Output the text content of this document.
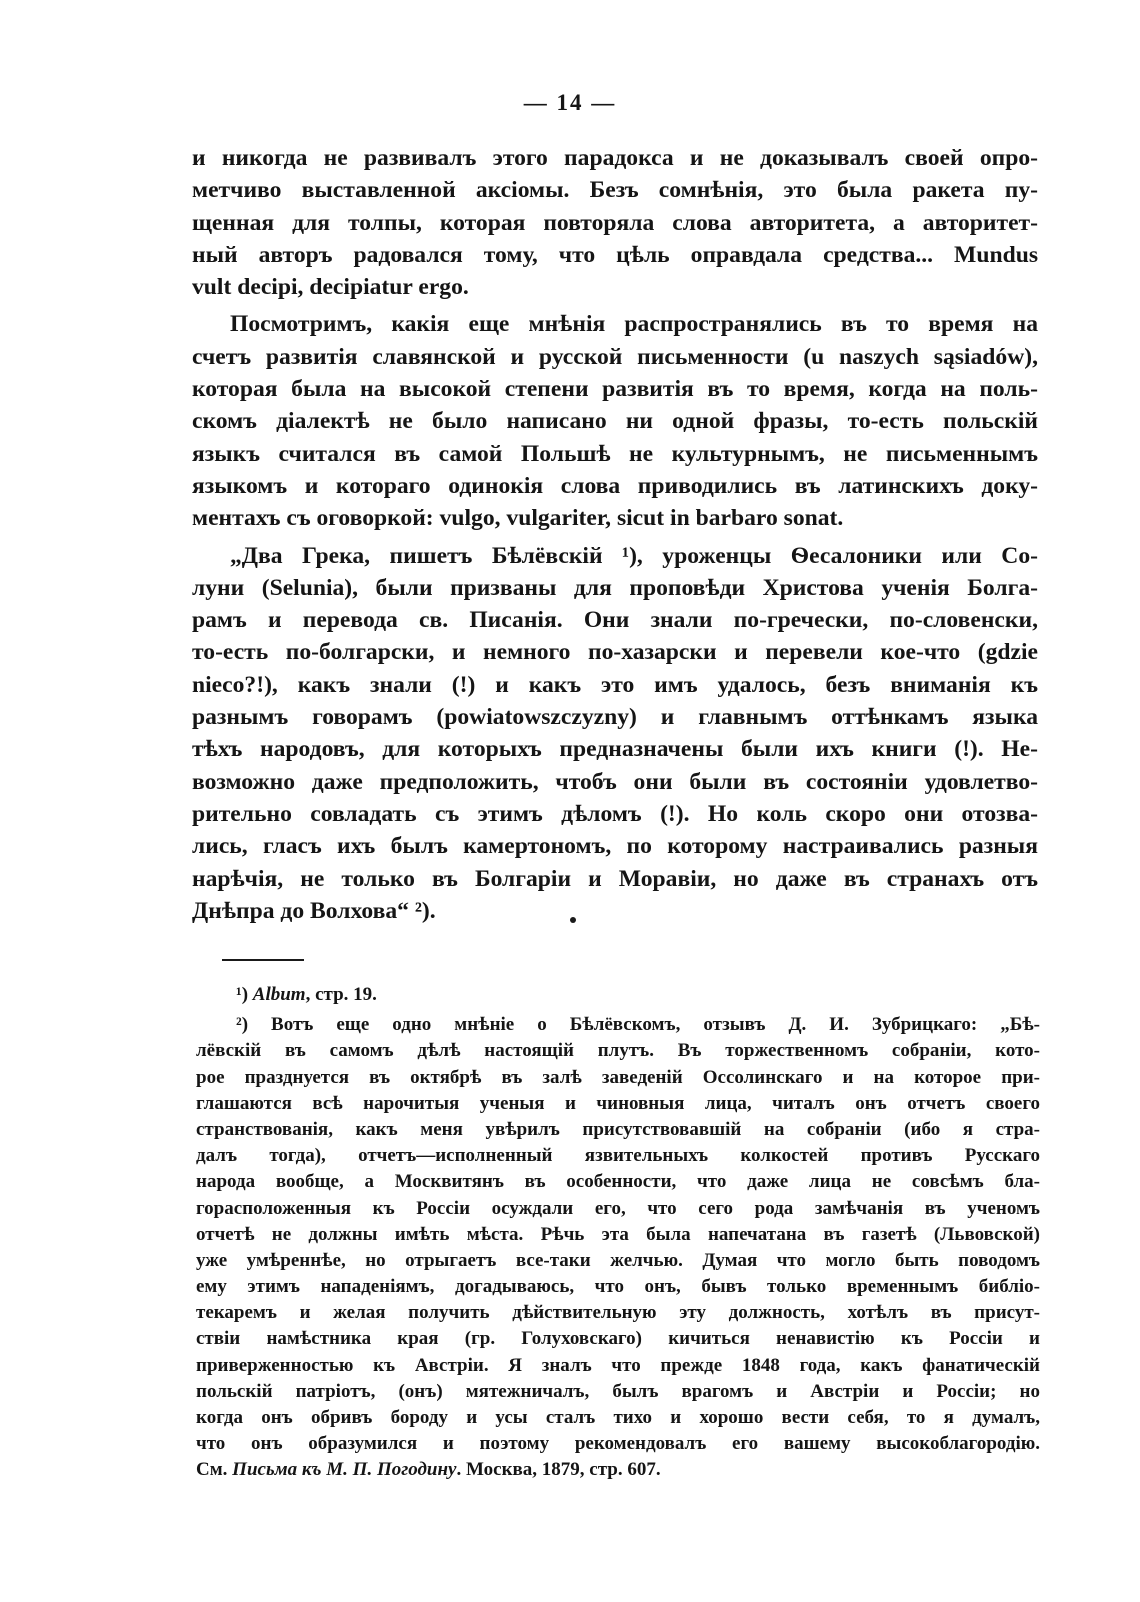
— 14 —
и никогда не развивалъ этого парадокса и не доказывалъ своей опро-
метчиво выставленной аксіомы. Безъ сомнѣнія, это была ракета пу-
щенная для толпы, которая повторяла слова авторитета, а авторитет-
ный авторъ радовался тому, что цѣль оправдала средства... Mundus
vult decipi, decipiatur ergo.
Посмотримъ, какія еще мнѣнія распространялись въ то время на
счетъ развитія славянской и русской письменности (u naszych sąsiadów),
которая была на высокой степени развитія въ то время, когда на поль-
скомъ діалектѣ не было написано ни одной фразы, то-есть польскій
языкъ считался въ самой Польшѣ не культурнымъ, не письменнымъ
языкомъ и котораго одинокія слова приводились въ латинскихъ доку-
ментахъ съ оговоркой: vulgo, vulgariter, sicut in barbaro sonat.
„Два Грека, пишетъ Бѣлёвскій ¹), уроженцы Ѳесалоники или Со-
луни (Selunia), были призваны для проповѣди Христова ученія Болга-
рамъ и перевода св. Писанія. Они знали по-гречески, по-словенски,
то-есть по-болгарски, и немного по-хазарски и перевели кое-что (gdzie
nieco?!), какъ знали (!) и какъ это имъ удалось, безъ вниманія къ
разнымъ говорамъ (powiatowszczyzny) и главнымъ оттѣнкамъ языка
тѣхъ народовъ, для которыхъ предназначены были ихъ книги (!). Не-
возможно даже предположить, чтобъ они были въ состояніи удовлетво-
рительно совладать съ этимъ дѣломъ (!). Но коль скоро они отозва-
лись, гласъ ихъ былъ камертономъ, по которому настраивались разныя
нарѣчія, не только въ Болгаріи и Моравіи, но даже въ странахъ отъ
Днѣпра до Волхова“ ²).
¹) Album, стр. 19.
²) Вотъ еще одно мнѣніе о Бѣлёвскомъ, отзывъ Д. И. Зубрицкаго: „Бѣ-
лёвскій въ самомъ дѣлѣ настоящій плутъ. Въ торжественномъ собраніи, кото-
рое празднуется въ октябрѣ въ залѣ заведеній Оссолинскаго и на которое при-
глашаются всѣ нарочитыя ученыя и чиновныя лица, читалъ онъ отчетъ своего
странствованія, какъ меня увѣрилъ присутствовавшій на собраніи (ибо я стра-
далъ тогда), отчетъ—исполненный язвительныхъ колкостей противъ Русскаго
народа вообще, а Москвитянъ въ особенности, что даже лица не совсѣмъ бла-
горасположенныя къ Россіи осуждали его, что сего рода замѣчанія въ ученомъ
отчетѣ не должны имѣть мѣста. Рѣчь эта была напечатана въ газетѣ (Львовской)
уже умѣреннѣе, но отрыгаетъ все-таки желчью. Думая что могло быть поводомъ
ему этимъ нападеніямъ, догадываюсь, что онъ, бывъ только временнымъ библіо-
текаремъ и желая получить дѣйствительную эту должность, хотѣлъ въ присут-
ствіи намѣстника края (гр. Голуховскаго) кичиться ненавистію къ Россіи и
приверженностью къ Австріи. Я зналъ что прежде 1848 года, какъ фанатическій
польскій патріотъ, (онъ) мятежничалъ, былъ врагомъ и Австріи и Россіи; но
когда онъ обривъ бороду и усы сталъ тихо и хорошо вести себя, то я думалъ,
что онъ образумился и поэтому рекомендовалъ его вашему высокоблагородію.
См. Письма къ М. П. Погодину. Москва, 1879, стр. 607.
